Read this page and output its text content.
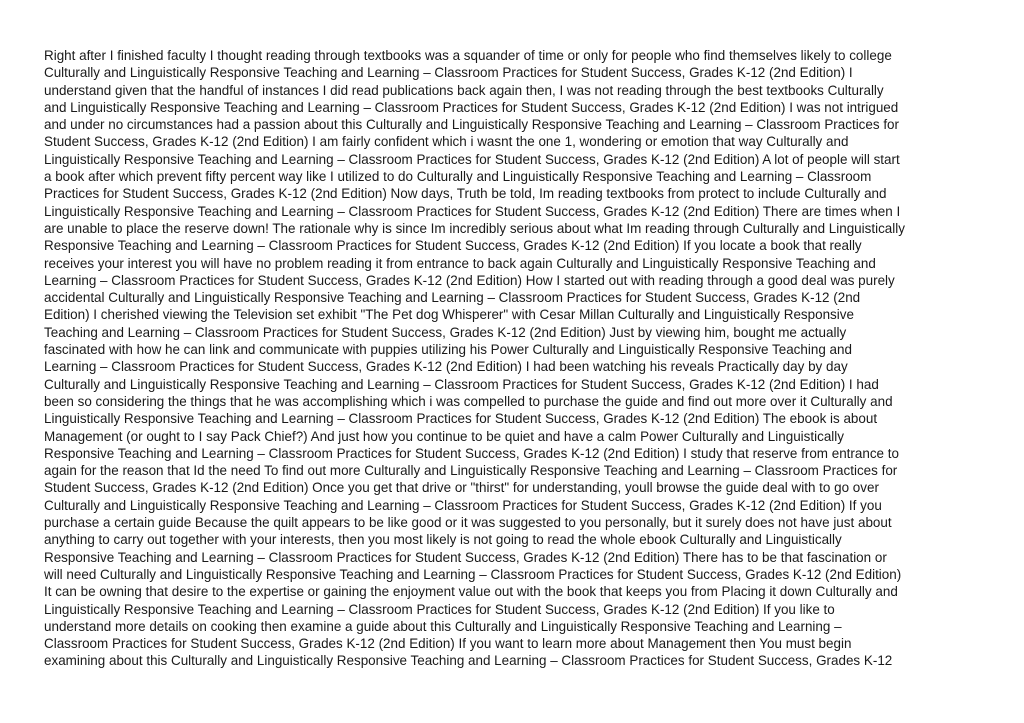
Right after I finished faculty I thought reading through textbooks was a squander of time or only for people who find themselves likely to college
Culturally and Linguistically Responsive Teaching and Learning – Classroom Practices for Student Success, Grades K-12 (2nd Edition) I
understand given that the handful of instances I did read publications back again then, I was not reading through the best textbooks Culturally
and Linguistically Responsive Teaching and Learning – Classroom Practices for Student Success, Grades K-12 (2nd Edition) I was not intrigued
and under no circumstances had a passion about this Culturally and Linguistically Responsive Teaching and Learning – Classroom Practices for
Student Success, Grades K-12 (2nd Edition) I am fairly confident which i wasnt the one 1, wondering or emotion that way Culturally and
Linguistically Responsive Teaching and Learning – Classroom Practices for Student Success, Grades K-12 (2nd Edition) A lot of people will start
a book after which prevent fifty percent way like I utilized to do Culturally and Linguistically Responsive Teaching and Learning – Classroom
Practices for Student Success, Grades K-12 (2nd Edition) Now days, Truth be told, Im reading textbooks from protect to include Culturally and
Linguistically Responsive Teaching and Learning – Classroom Practices for Student Success, Grades K-12 (2nd Edition) There are times when I
are unable to place the reserve down! The rationale why is since Im incredibly serious about what Im reading through Culturally and Linguistically
Responsive Teaching and Learning – Classroom Practices for Student Success, Grades K-12 (2nd Edition) If you locate a book that really
receives your interest you will have no problem reading it from entrance to back again Culturally and Linguistically Responsive Teaching and
Learning – Classroom Practices for Student Success, Grades K-12 (2nd Edition) How I started out with reading through a good deal was purely
accidental Culturally and Linguistically Responsive Teaching and Learning – Classroom Practices for Student Success, Grades K-12 (2nd
Edition) I cherished viewing the Television set exhibit "The Pet dog Whisperer" with Cesar Millan Culturally and Linguistically Responsive
Teaching and Learning – Classroom Practices for Student Success, Grades K-12 (2nd Edition) Just by viewing him, bought me actually
fascinated with how he can link and communicate with puppies utilizing his Power Culturally and Linguistically Responsive Teaching and
Learning – Classroom Practices for Student Success, Grades K-12 (2nd Edition) I had been watching his reveals Practically day by day
Culturally and Linguistically Responsive Teaching and Learning – Classroom Practices for Student Success, Grades K-12 (2nd Edition) I had
been so considering the things that he was accomplishing which i was compelled to purchase the guide and find out more over it Culturally and
Linguistically Responsive Teaching and Learning – Classroom Practices for Student Success, Grades K-12 (2nd Edition) The ebook is about
Management (or ought to I say Pack Chief?) And just how you continue to be quiet and have a calm Power Culturally and Linguistically
Responsive Teaching and Learning – Classroom Practices for Student Success, Grades K-12 (2nd Edition) I study that reserve from entrance to
again for the reason that Id the need To find out more Culturally and Linguistically Responsive Teaching and Learning – Classroom Practices for
Student Success, Grades K-12 (2nd Edition) Once you get that drive or "thirst" for understanding, youll browse the guide deal with to go over
Culturally and Linguistically Responsive Teaching and Learning – Classroom Practices for Student Success, Grades K-12 (2nd Edition) If you
purchase a certain guide Because the quilt appears to be like good or it was suggested to you personally, but it surely does not have just about
anything to carry out together with your interests, then you most likely is not going to read the whole ebook Culturally and Linguistically
Responsive Teaching and Learning – Classroom Practices for Student Success, Grades K-12 (2nd Edition) There has to be that fascination or
will need Culturally and Linguistically Responsive Teaching and Learning – Classroom Practices for Student Success, Grades K-12 (2nd Edition)
It can be owning that desire to the expertise or gaining the enjoyment value out with the book that keeps you from Placing it down Culturally and
Linguistically Responsive Teaching and Learning – Classroom Practices for Student Success, Grades K-12 (2nd Edition) If you like to
understand more details on cooking then examine a guide about this Culturally and Linguistically Responsive Teaching and Learning –
Classroom Practices for Student Success, Grades K-12 (2nd Edition) If you want to learn more about Management then You must begin
examining about this Culturally and Linguistically Responsive Teaching and Learning – Classroom Practices for Student Success, Grades K-12
